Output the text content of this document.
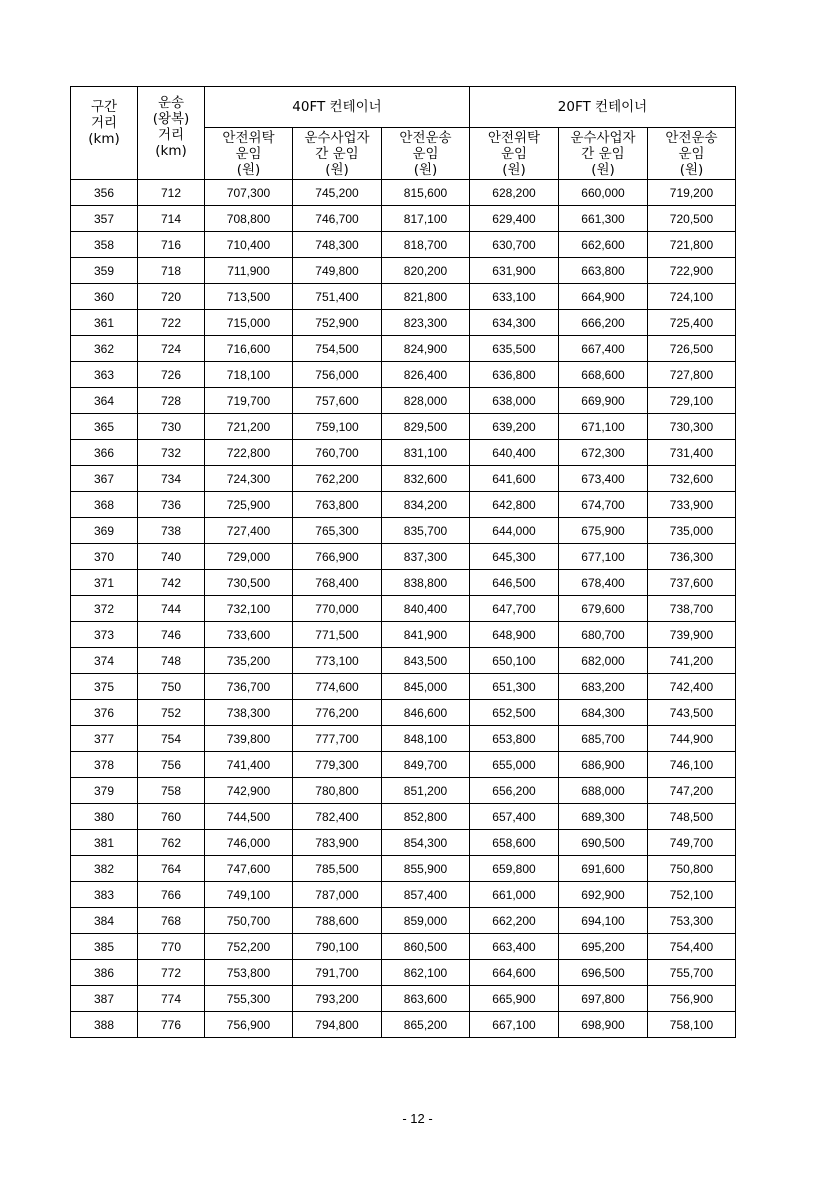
구간
거리
(km)	운송
(왕복)
거리
(km)	40FT 컨테이너			20FT 컨테이너		

		안전위탁
운임
(원)	운수사업자
간 운임
(원)	안전운송
운임
(원)	안전위탁
운임
(원)	운수사업자
간 운임
(원)	안전운송
운임
(원)

356	712	707,300	745,200	815,600	628,200	660,000	719,200
357	714	708,800	746,700	817,100	629,400	661,300	720,500
358	716	710,400	748,300	818,700	630,700	662,600	721,800
359	718	711,900	749,800	820,200	631,900	663,800	722,900
360	720	713,500	751,400	821,800	633,100	664,900	724,100
361	722	715,000	752,900	823,300	634,300	666,200	725,400
362	724	716,600	754,500	824,900	635,500	667,400	726,500
363	726	718,100	756,000	826,400	636,800	668,600	727,800
364	728	719,700	757,600	828,000	638,000	669,900	729,100
365	730	721,200	759,100	829,500	639,200	671,100	730,300
366	732	722,800	760,700	831,100	640,400	672,300	731,400
367	734	724,300	762,200	832,600	641,600	673,400	732,600
368	736	725,900	763,800	834,200	642,800	674,700	733,900
369	738	727,400	765,300	835,700	644,000	675,900	735,000
370	740	729,000	766,900	837,300	645,300	677,100	736,300
371	742	730,500	768,400	838,800	646,500	678,400	737,600
372	744	732,100	770,000	840,400	647,700	679,600	738,700
373	746	733,600	771,500	841,900	648,900	680,700	739,900
374	748	735,200	773,100	843,500	650,100	682,000	741,200
375	750	736,700	774,600	845,000	651,300	683,200	742,400
376	752	738,300	776,200	846,600	652,500	684,300	743,500
377	754	739,800	777,700	848,100	653,800	685,700	744,900
378	756	741,400	779,300	849,700	655,000	686,900	746,100
379	758	742,900	780,800	851,200	656,200	688,000	747,200
380	760	744,500	782,400	852,800	657,400	689,300	748,500
381	762	746,000	783,900	854,300	658,600	690,500	749,700
382	764	747,600	785,500	855,900	659,800	691,600	750,800
383	766	749,100	787,000	857,400	661,000	692,900	752,100
384	768	750,700	788,600	859,000	662,200	694,100	753,300
385	770	752,200	790,100	860,500	663,400	695,200	754,400
386	772	753,800	791,700	862,100	664,600	696,500	755,700
387	774	755,300	793,200	863,600	665,900	697,800	756,900
388	776	756,900	794,800	865,200	667,100	698,900	758,100
- 12 -
